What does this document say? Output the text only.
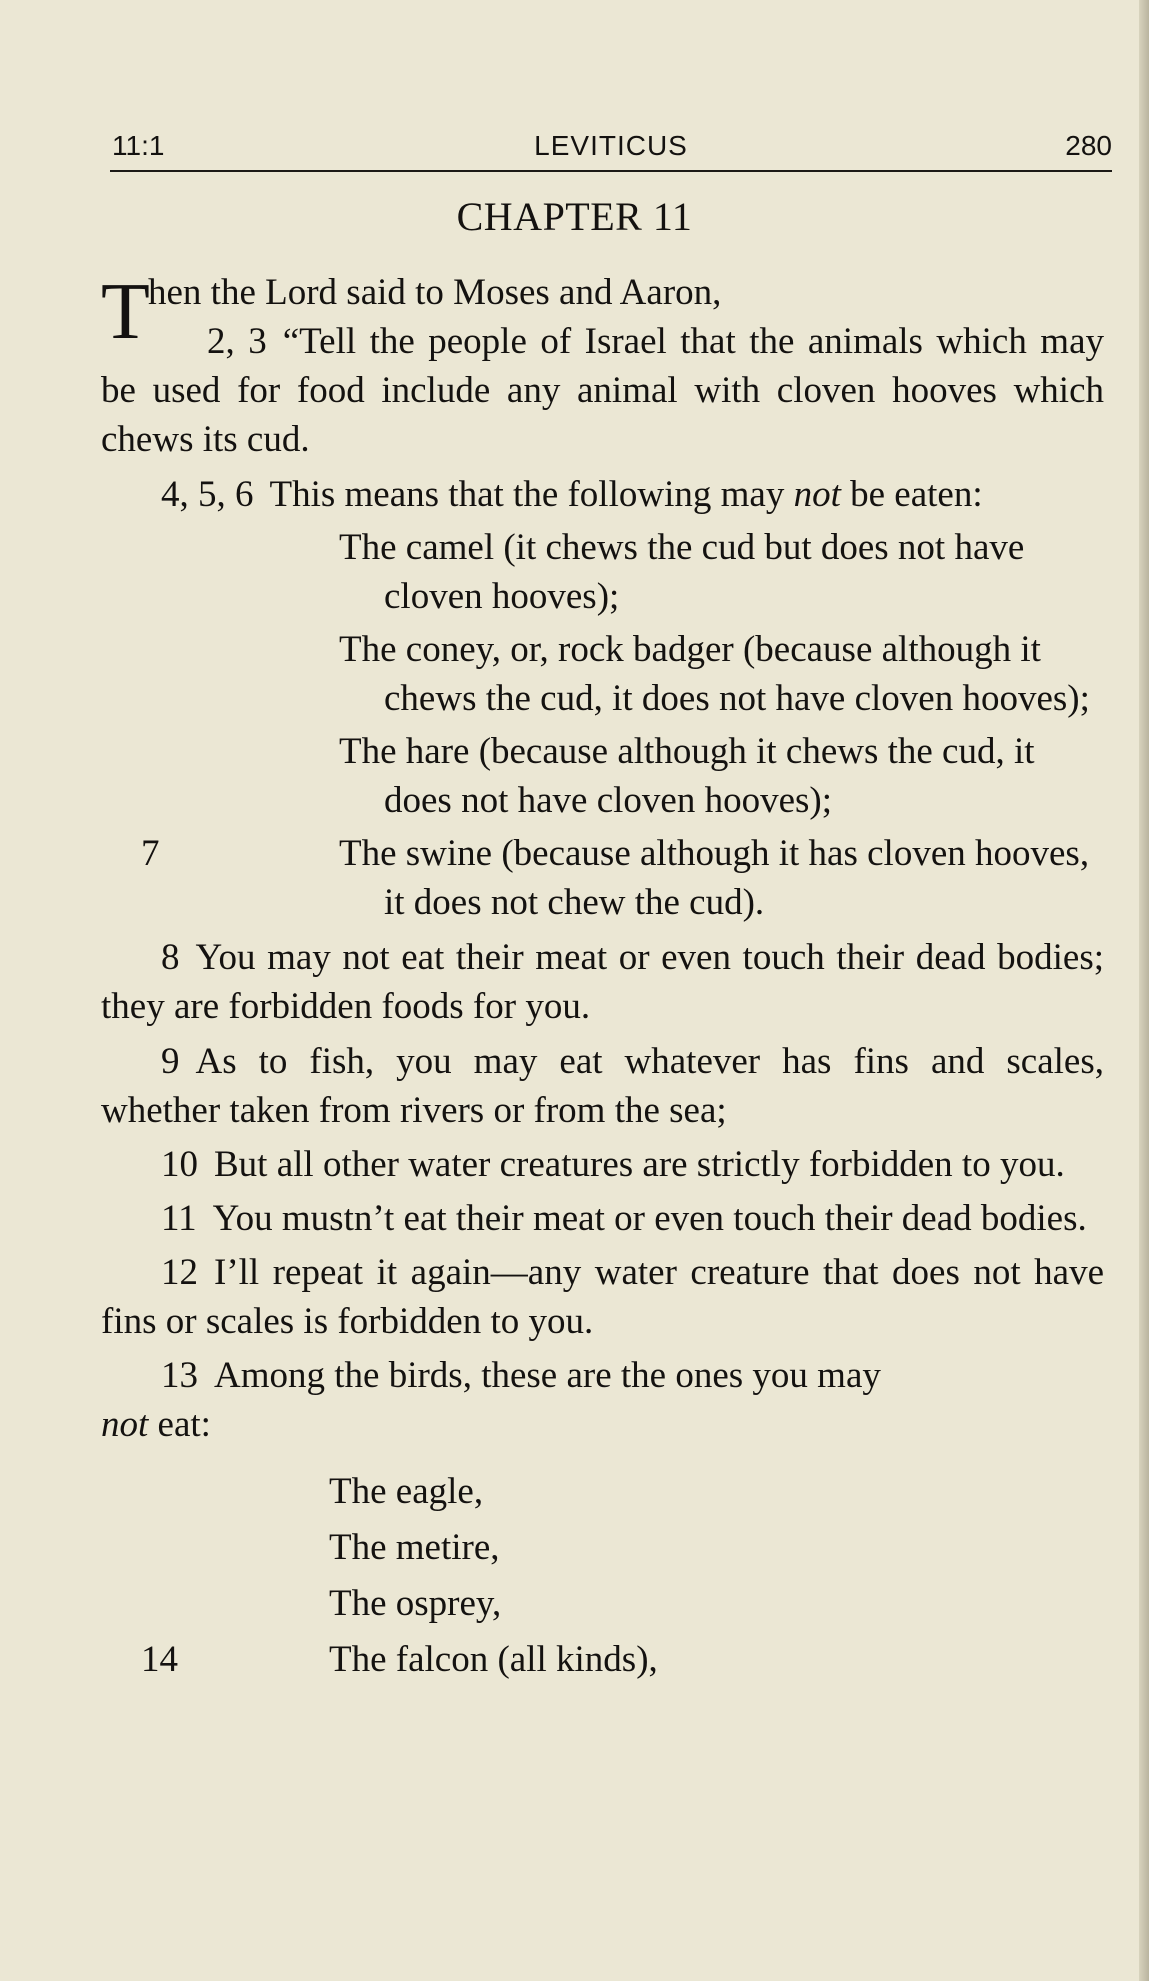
11:1	LEVITICUS	280
CHAPTER 11

T
hen the Lord said to Moses and Aaron,

2, 3 “Tell the people of Israel that the animals which may be used for food include any animal with cloven hooves which chews its cud.

4, 5, 6 This means that the following may not be eaten:

The camel (it chews the cud but does not have cloven hooves);
The coney, or, rock badger (because although it chews the cud, it does not have cloven hooves);
The hare (because although it chews the cud, it does not have cloven hooves);
7	The swine (because although it has cloven hooves, it does not chew the cud).

8 You may not eat their meat or even touch their dead bodies; they are forbidden foods for you.

9 As to fish, you may eat whatever has fins and scales, whether taken from rivers or from the sea;

10 But all other water creatures are strictly forbidden to you.

11 You mustn’t eat their meat or even touch their dead bodies.

12 I’ll repeat it again—any water creature that does not have fins or scales is forbidden to you.

13 Among the birds, these are the ones you may
not eat:

The eagle,
The metire,
The osprey,
14	The falcon (all kinds),
